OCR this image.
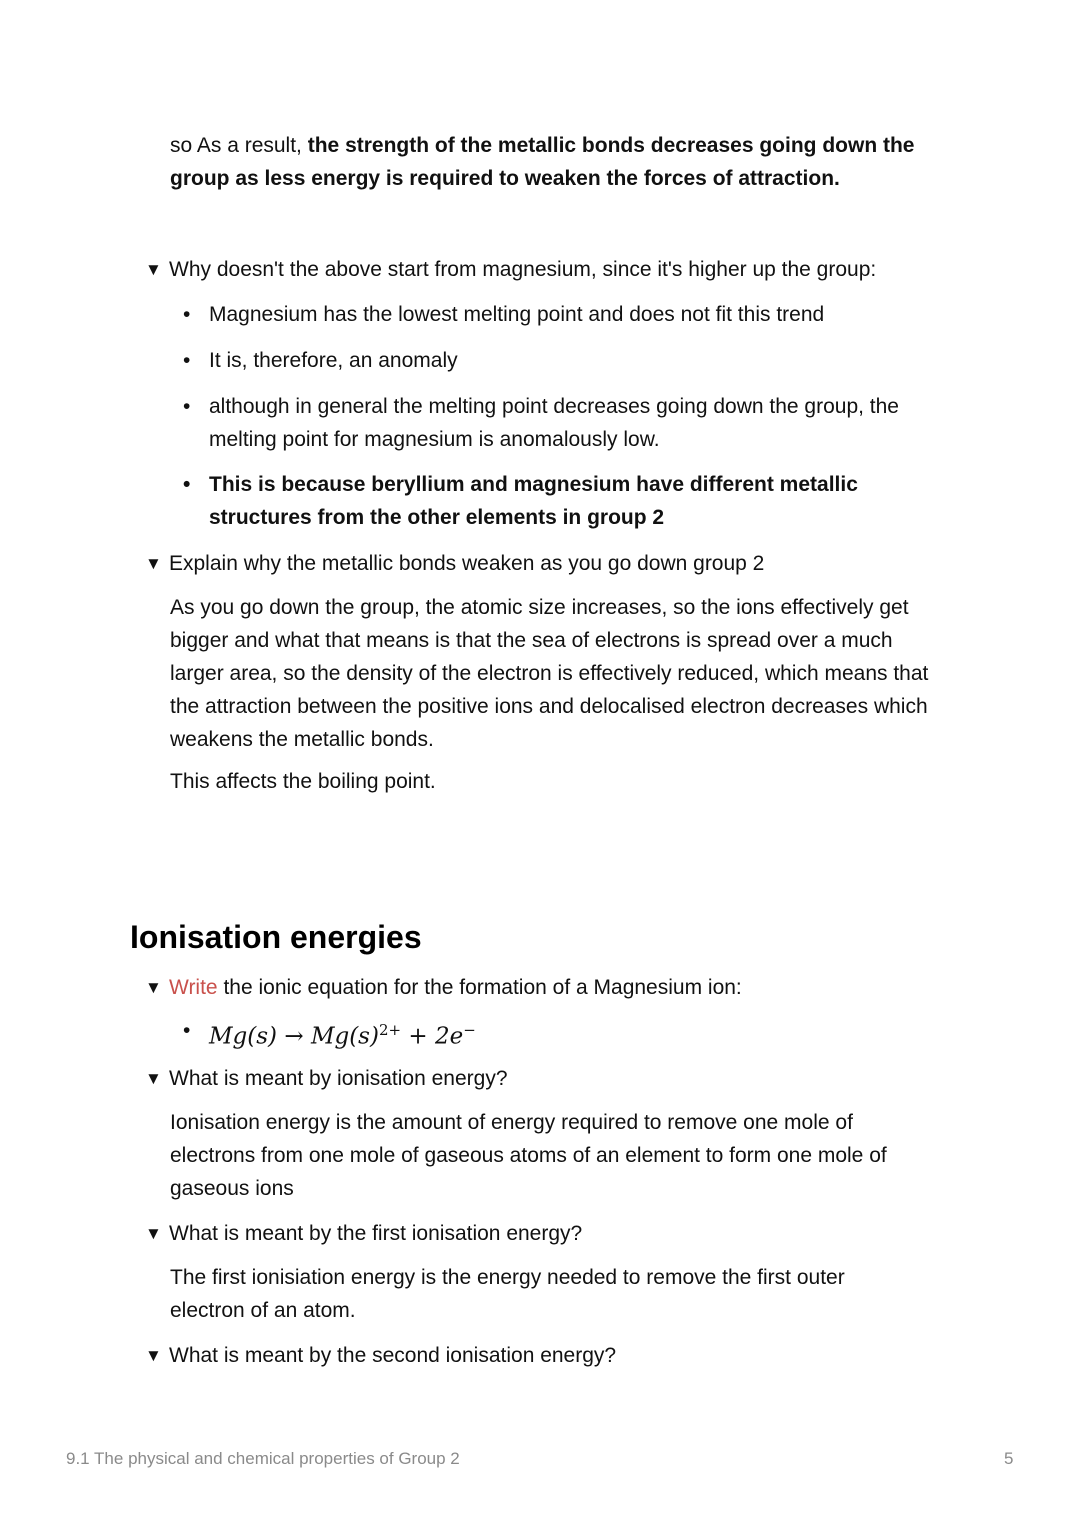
so As a result, the strength of the metallic bonds decreases going down the group as less energy is required to weaken the forces of attraction.
▼ Why doesn't the above start from magnesium, since it's higher up the group:
• Magnesium has the lowest melting point and does not fit this trend
• It is, therefore, an anomaly
• although in general the melting point decreases going down the group, the melting point for magnesium is anomalously low.
• This is because beryllium and magnesium have different metallic structures from the other elements in group 2
▼ Explain why the metallic bonds weaken as you go down group 2
As you go down the group, the atomic size increases, so the ions effectively get bigger and what that means is that the sea of electrons is spread over a much larger area, so the density of the electron is effectively reduced, which means that the attraction between the positive ions and delocalised electron decreases which weakens the metallic bonds.
This affects the boiling point.
Ionisation energies
▼ Write the ionic equation for the formation of a Magnesium ion:
• $Mg(s) \to Mg(s)^{2+} + 2e^-$
▼ What is meant by ionisation energy?
Ionisation energy is the amount of energy required to remove one mole of electrons from one mole of gaseous atoms of an element to form one mole of gaseous ions
▼ What is meant by the first ionisation energy?
The first ionisiation energy is the energy needed to remove the first outer electron of an atom.
▼ What is meant by the second ionisation energy?
9.1 The physical and chemical properties of Group 2	5
